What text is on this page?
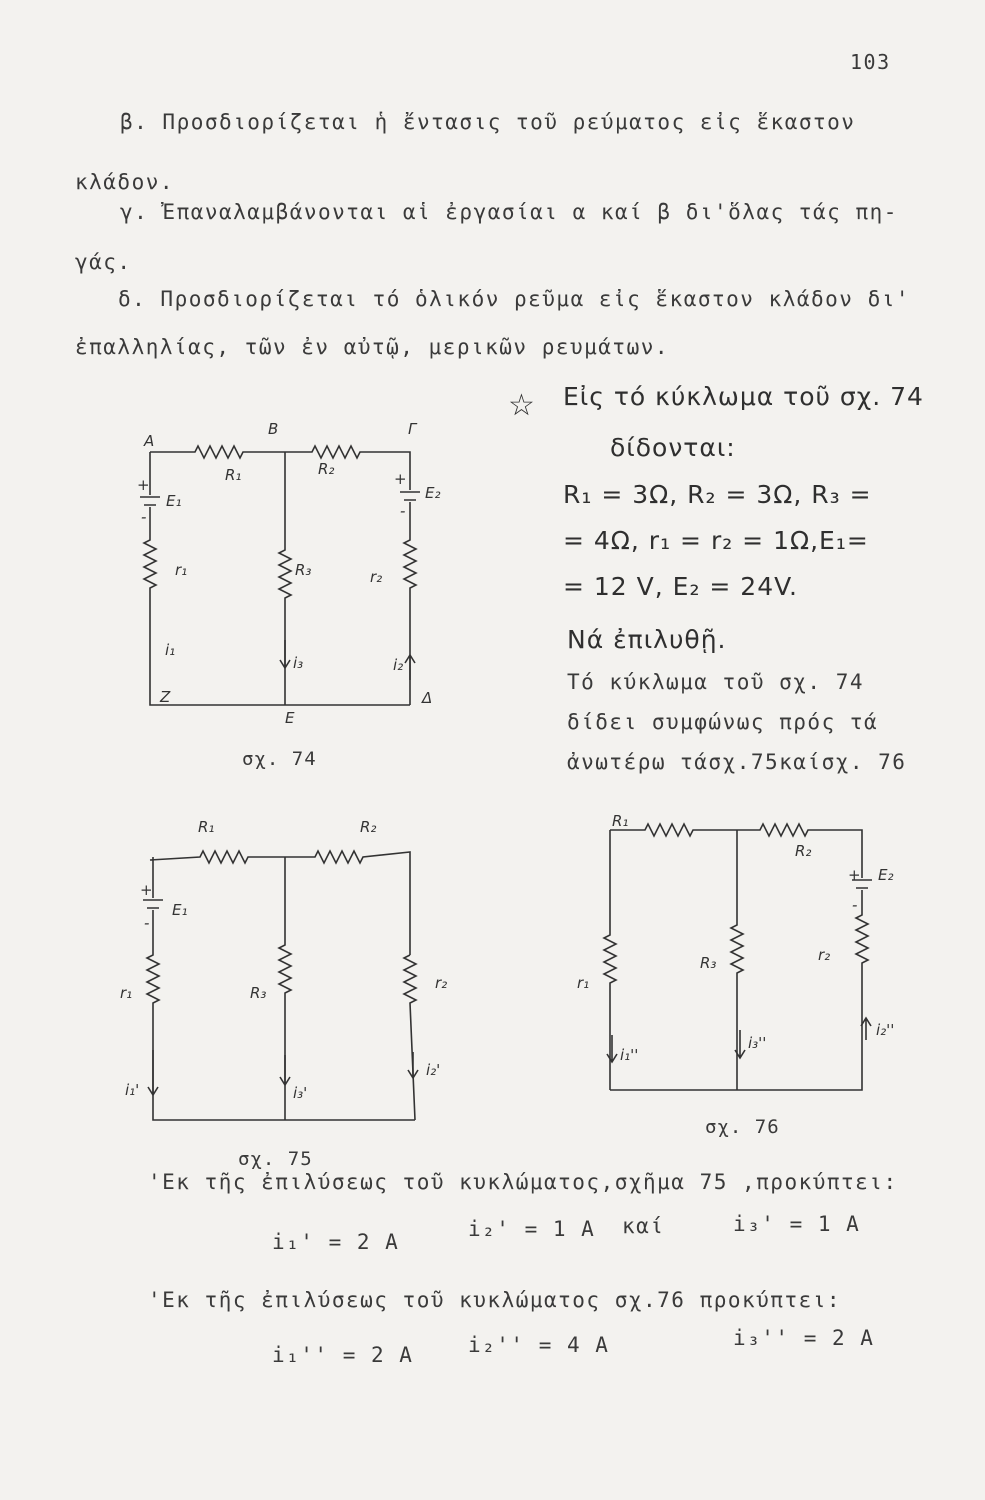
103
β. Προσδιορίζεται ἡ ἔντασις τοῦ ρεύματος εἰς ἕκαστον
κλάδον.
γ. Ἐπαναλαμβάνονται αἱ ἐργασίαι α καί β δι'ὅλας τάς πη-
γάς.
δ. Προσδιορίζεται τό ὁλικόν ρεῦμα εἰς ἕκαστον κλάδον δι'
ἐπαλληλίας, τῶν ἐν αὐτῷ, μερικῶν ρευμάτων.
☆ Εἰς τό κύκλωμα τοῦ σχ. 74
δίδονται:
R₁ = 3Ω, R₂ = 3Ω, R₃ =
= 4Ω, r₁ = r₂ = 1Ω,E₁=
= 12 V, E₂ = 24V.
Νά ἐπιλυθῇ.
Τό κύκλωμα τοῦ σχ. 74
δίδει συμφώνως πρός τά
ἀνωτέρω τάσχ.75καίσχ. 76
A
B	Γ
Δ
E
Z
R₁	R₂
E₁	E₂
r₁	R₃	r₂
i₁
i₃	i₂
+
-
+
-
σχ. 74
R₁	R₂
E₁
r₁	R₃
r₂
i₁'	i₃'
i₂'
+
-
σχ. 75
R₁
R₂
E₂
r₁
R₃	r₂
i₁''
i₃''
i₂''
+
-
σχ. 76
'Εκ τῆς ἐπιλύσεως τοῦ κυκλώματος,σχῆμα 75 ,προκύπτει:
i₁' = 2 A
i₂' = 1 A καί	i₃' = 1 A
'Εκ τῆς ἐπιλύσεως τοῦ κυκλώματος σχ.76 προκύπτει:
i₁'' = 2 A	i₂'' = 4 A	i₃'' = 2 A
